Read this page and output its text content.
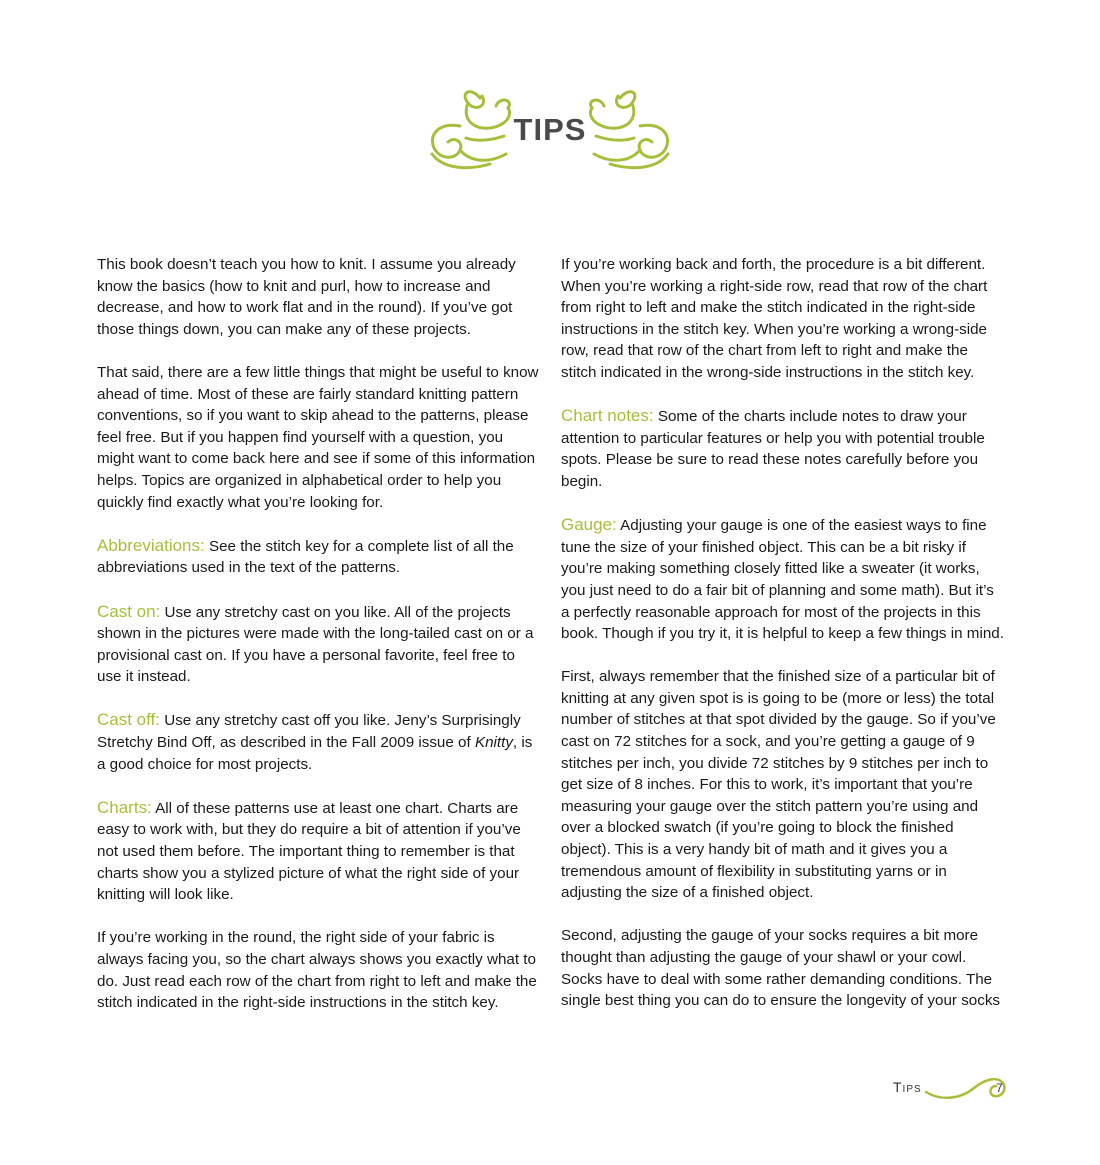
TIPS

This book doesn’t teach you how to knit. I assume you already know the basics (how to knit and purl, how to increase and decrease, and how to work flat and in the round). If you’ve got those things down, you can make any of these projects.

That said, there are a few little things that might be useful to know ahead of time. Most of these are fairly standard knitting pattern conventions, so if you want to skip ahead to the patterns, please feel free. But if you happen find yourself with a question, you might want to come back here and see if some of this information helps. Topics are organized in alphabetical order to help you quickly find exactly what you’re looking for.

Abbreviations: See the stitch key for a complete list of all the abbreviations used in the text of the patterns.

Cast on: Use any stretchy cast on you like. All of the projects shown in the pictures were made with the long-tailed cast on or a provisional cast on. If you have a personal favorite, feel free to use it instead.

Cast off: Use any stretchy cast off you like. Jeny’s Surprisingly Stretchy Bind Off, as described in the Fall 2009 issue of Knitty, is a good choice for most projects.

Charts: All of these patterns use at least one chart. Charts are easy to work with, but they do require a bit of attention if you’ve not used them before. The important thing to remember is that charts show you a stylized picture of what the right side of your knitting will look like.

If you’re working in the round, the right side of your fabric is always facing you, so the chart always shows you exactly what to do. Just read each row of the chart from right to left and make the stitch indicated in the right-side instructions in the stitch key.

If you’re working back and forth, the procedure is a bit different. When you’re working a right-side row, read that row of the chart from right to left and make the stitch indicated in the right-side instructions in the stitch key. When you’re working a wrong-side row, read that row of the chart from left to right and make the stitch indicated in the wrong-side instructions in the stitch key.

Chart notes: Some of the charts include notes to draw your attention to particular features or help you with potential trouble spots. Please be sure to read these notes carefully before you begin.

Gauge: Adjusting your gauge is one of the easiest ways to fine tune the size of your finished object. This can be a bit risky if you’re making something closely fitted like a sweater (it works, you just need to do a fair bit of planning and some math). But it’s a perfectly reasonable approach for most of the projects in this book. Though if you try it, it is helpful to keep a few things in mind.

First, always remember that the finished size of a particular bit of knitting at any given spot is is going to be (more or less) the total number of stitches at that spot divided by the gauge. So if you’ve cast on 72 stitches for a sock, and you’re getting a gauge of 9 stitches per inch, you divide 72 stitches by 9 stitches per inch to get size of 8 inches. For this to work, it’s important that you’re measuring your gauge over the stitch pattern you’re using and over a blocked swatch (if you’re going to block the finished object). This is a very handy bit of math and it gives you a tremendous amount of flexibility in substituting yarns or in adjusting the size of a finished object.

Second, adjusting the gauge of your socks requires a bit more thought than adjusting the gauge of your shawl or your cowl. Socks have to deal with some rather demanding conditions. The single best thing you can do to ensure the longevity of your socks

Tips	7
